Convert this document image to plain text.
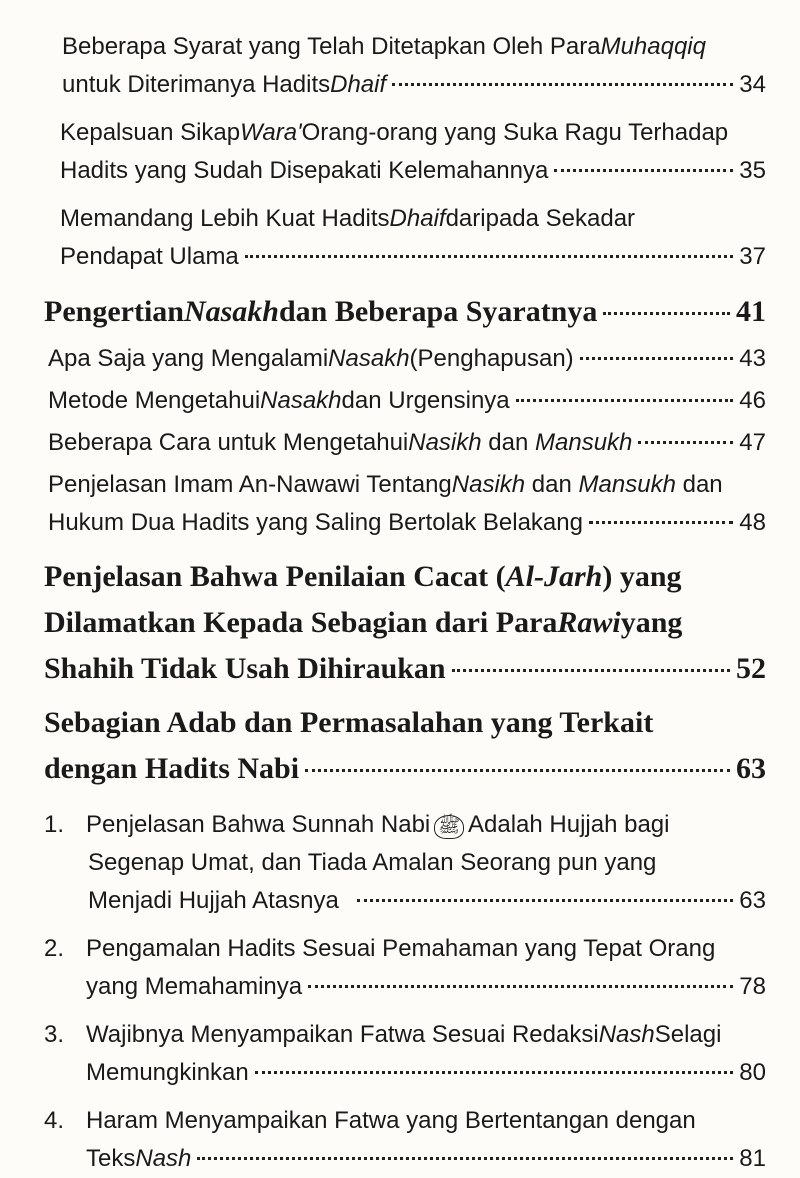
Beberapa Syarat yang Telah Ditetapkan Oleh Para Muhaqqiq
untuk Diterimanya Hadits Dhaif	34
Kepalsuan Sikap Wara' Orang-orang yang Suka Ragu Terhadap
Hadits yang Sudah Disepakati Kelemahannya	35
Memandang Lebih Kuat Hadits Dhaif daripada Sekadar
Pendapat Ulama	37
Pengertian Nasakh dan Beberapa Syaratnya	41
Apa Saja yang Mengalami Nasakh (Penghapusan)	43
Metode Mengetahui Nasakh dan Urgensinya	46
Beberapa Cara untuk Mengetahui Nasikh dan Mansukh	47
Penjelasan Imam An-Nawawi Tentang Nasikh dan Mansukh dan
Hukum Dua Hadits yang Saling Bertolak Belakang	48
Penjelasan Bahwa Penilaian Cacat ( Al-Jarh ) yang
Dilamatkan Kepada Sebagian dari Para Rawi yang
Shahih Tidak Usah Dihiraukan	52
Sebagian Adab dan Permasalahan yang Terkait
dengan Hadits Nabi	63
1. Penjelasan Bahwa Sunnah Nabi ﷺ Adalah Hujjah bagi
Segenap Umat, dan Tiada Amalan Seorang pun yang
Menjadi Hujjah Atasnya	63
2. Pengamalan Hadits Sesuai Pemahaman yang Tepat Orang
yang Memahaminya	78
3. Wajibnya Menyampaikan Fatwa Sesuai Redaksi Nash Selagi
Memungkinkan	80
4. Haram Menyampaikan Fatwa yang Bertentangan dengan
Teks Nash	81
